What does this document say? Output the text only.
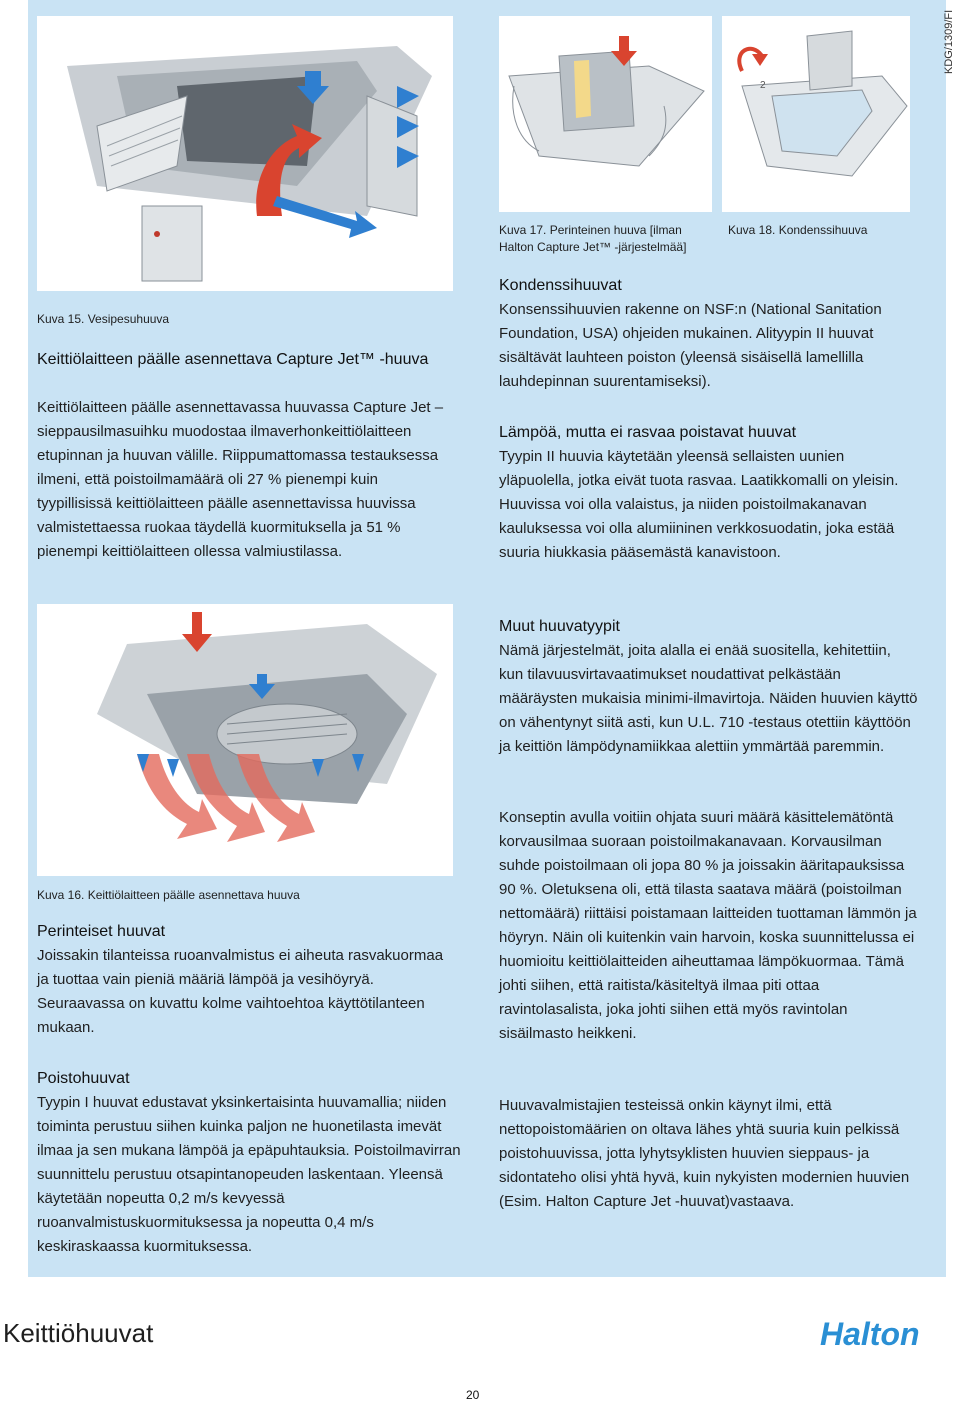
KDG/1309/FI
Kuva 15. Vesipesuhuuva
Keittiölaitteen päälle asennettava Capture Jet™ -huuva
Keittiölaitteen päälle asennettavassa huuvassa Capture Jet – sieppausilmasuihku muodostaa ilmaverhonkeittiölaitteen etupinnan ja huuvan välille. Riippumattomassa testauksessa ilmeni, että poistoilmamäärä oli 27 % pienempi kuin tyypillisissä keittiölaitteen päälle asennettavissa huuvissa valmistettaessa ruokaa täydellä kuormituksella ja 51 % pienempi keittiölaitteen ollessa valmiustilassa.
Kuva 16. Keittiölaitteen päälle asennettava huuva
Perinteiset huuvat
Joissakin tilanteissa ruoanvalmistus ei aiheuta rasvakuormaa ja tuottaa vain pieniä määriä lämpöä ja vesihöyryä. Seuraavassa on kuvattu kolme vaihtoehtoa käyttötilanteen mukaan.
Poistohuuvat
Tyypin I huuvat edustavat yksinkertaisinta huuvamallia; niiden toiminta perustuu siihen kuinka paljon ne huonetilasta imevät ilmaa ja sen mukana lämpöä ja epäpuhtauksia. Poistoilmavirran suunnittelu perustuu otsapintanopeuden laskentaan. Yleensä käytetään nopeutta 0,2 m/s kevyessä ruoanvalmistuskuormituksessa ja nopeutta 0,4 m/s keskiraskaassa kuormituksessa.
Kuva 17. Perinteinen huuva [ilman Halton Capture Jet™ -järjestelmää]
2
Kuva 18. Kondenssihuuva
Kondenssihuuvat
Konsenssihuuvien rakenne on NSF:n (National Sanitation Foundation, USA) ohjeiden mukainen. Alityypin II huuvat sisältävät lauhteen poiston (yleensä sisäisellä lamellilla lauhdepinnan suurentamiseksi).
Lämpöä, mutta ei rasvaa poistavat huuvat
Tyypin II huuvia käytetään yleensä sellaisten uunien yläpuolella, jotka eivät tuota rasvaa. Laatikkomalli on yleisin. Huuvissa voi olla valaistus, ja niiden poistoilmakanavan kauluksessa voi olla alumiininen verkkosuodatin, joka estää suuria hiukkasia pääsemästä kanavistoon.
Muut huuvatyypit
Nämä järjestelmät, joita alalla ei enää suositella, kehitettiin, kun tilavuusvirtavaatimukset noudattivat pelkästään määräysten mukaisia minimi-ilmavirtoja. Näiden huuvien käyttö on vähentynyt siitä asti, kun U.L. 710 -testaus otettiin käyttöön ja keittiön lämpödynamiikkaa alettiin ymmärtää paremmin.
Konseptin avulla voitiin ohjata suuri määrä käsittelemätöntä korvausilmaa suoraan poistoilmakanavaan. Korvausilman suhde poistoilmaan oli jopa 80 % ja joissakin ääritapauksissa 90 %. Oletuksena oli, että tilasta saatava määrä (poistoilman nettomäärä) riittäisi poistamaan laitteiden tuottaman lämmön ja höyryn. Näin oli kuitenkin vain harvoin, koska suunnittelussa ei huomioitu keittiölaitteiden aiheuttamaa lämpökuormaa. Tämä johti siihen, että raitista/käsiteltyä ilmaa piti ottaa ravintolasalista, joka johti siihen että myös ravintolan sisäilmasto heikkeni.
Huuvavalmistajien testeissä onkin käynyt ilmi, että nettopoistomäärien on oltava lähes yhtä suuria kuin pelkissä poistohuuvissa, jotta lyhytsyklisten huuvien sieppaus- ja sidontateho olisi yhtä hyvä, kuin nykyisten modernien huuvien (Esim. Halton Capture Jet -huuvat)vastaava.
Keittiöhuuvat	Halton
20
